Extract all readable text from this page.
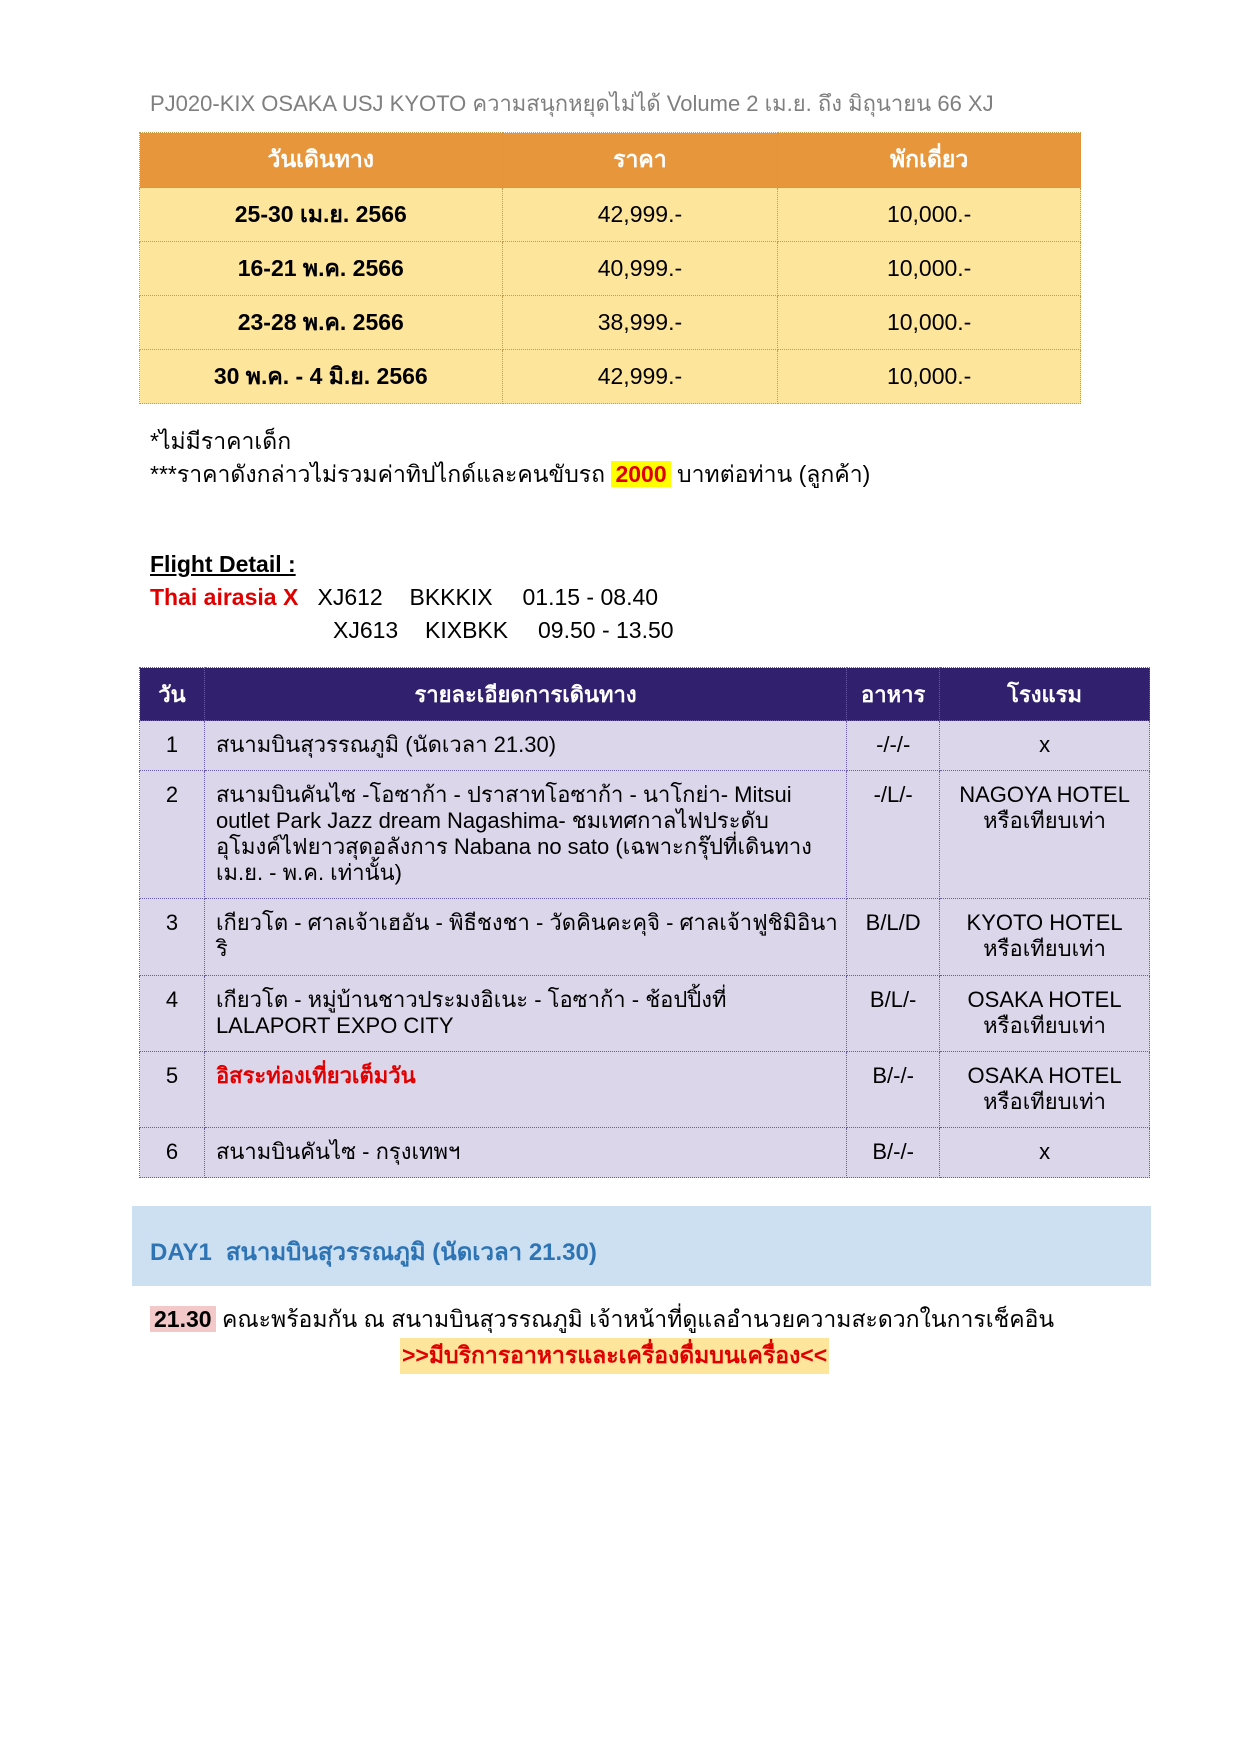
PJ020-KIX OSAKA USJ KYOTO ความสนุกหยุดไม่ได้ Volume 2 เม.ย. ถึง มิถุนายน 66 XJ
วันเดินทาง	ราคา	พักเดี่ยว
25-30 เม.ย. 2566	42,999.-	10,000.-
16-21 พ.ค. 2566	40,999.-	10,000.-
23-28 พ.ค. 2566	38,999.-	10,000.-
30 พ.ค. - 4 มิ.ย. 2566	42,999.-	10,000.-
*ไม่มีราคาเด็ก
***ราคาดังกล่าวไม่รวมค่าทิปไกด์และคนขับรถ 2000 บาทต่อท่าน (ลูกค้า)
Flight Detail :
Thai airasia X XJ612 BKKKIX 01.15 - 08.40
XJ613 KIXBKK 09.50 - 13.50
วัน	รายละเอียดการเดินทาง	อาหาร	โรงแรม
1	สนามบินสุวรรณภูมิ (นัดเวลา 21.30)	-/-/-	x

2	สนามบินคันไซ -โอซาก้า - ปราสาทโอซาก้า - นาโกย่า- Mitsui outlet Park Jazz dream Nagashima- ชมเทศกาลไฟประดับ อุโมงค์ไฟยาวสุดอลังการ Nabana no sato (เฉพาะกรุ๊ปที่เดินทาง เม.ย. - พ.ค. เท่านั้น)	-/L/-	NAGOYA HOTEL
หรือเทียบเท่า

3	เกียวโต - ศาลเจ้าเฮอัน - พิธีชงชา - วัดคินคะคุจิ - ศาลเจ้าฟูชิมิอินาริ	B/L/D	KYOTO HOTEL
หรือเทียบเท่า

4	เกียวโต - หมู่บ้านชาวประมงอิเนะ - โอซาก้า - ช้อปปิ้งที่ LALAPORT EXPO CITY	B/L/-	OSAKA HOTEL
หรือเทียบเท่า

5	อิสระท่องเที่ยวเต็มวัน	B/-/-	OSAKA HOTEL
หรือเทียบเท่า

6	สนามบินคันไซ - กรุงเทพฯ	B/-/-	x
DAY1 สนามบินสุวรรณภูมิ (นัดเวลา 21.30)
21.30 คณะพร้อมกัน ณ สนามบินสุวรรณภูมิ เจ้าหน้าที่ดูแลอำนวยความสะดวกในการเช็คอิน
>>มีบริการอาหารและเครื่องดื่มบนเครื่อง<<
